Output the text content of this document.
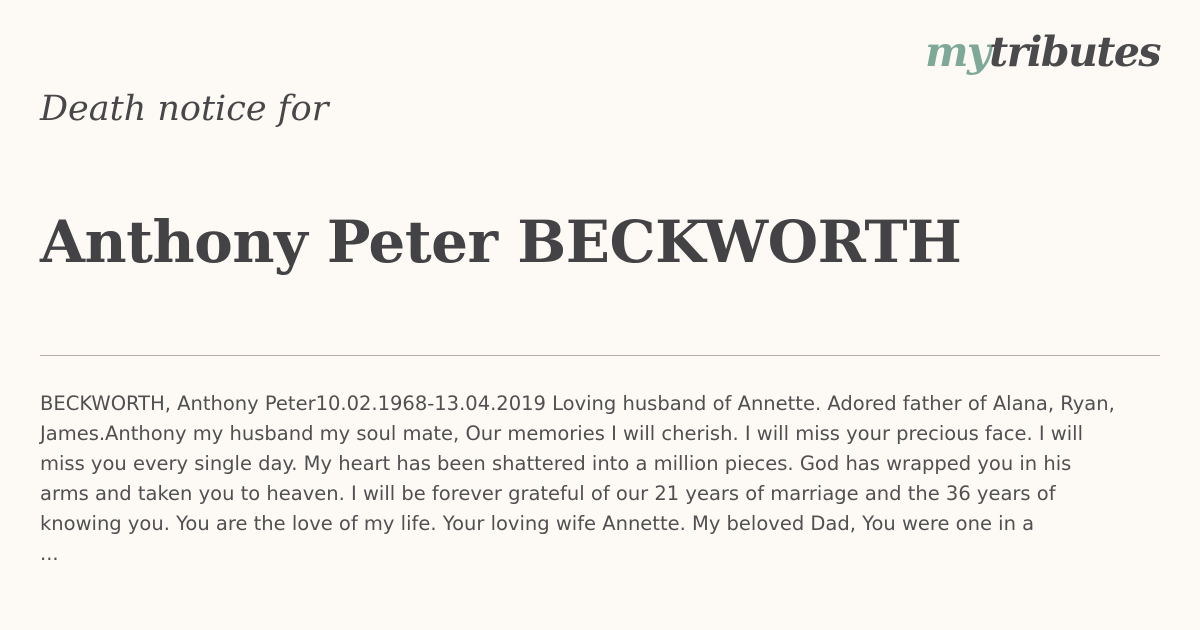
mytributes
Death notice for
Anthony Peter BECKWORTH

BECKWORTH, Anthony Peter10.02.1968-13.04.2019 Loving husband of Annette. Adored father of Alana, Ryan,
James.Anthony my husband my soul mate, Our memories I will cherish. I will miss your precious face. I will
miss you every single day. My heart has been shattered into a million pieces. God has wrapped you in his
arms and taken you to heaven. I will be forever grateful of our 21 years of marriage and the 36 years of
knowing you. You are the love of my life. Your loving wife Annette. My beloved Dad, You were one in a
...
